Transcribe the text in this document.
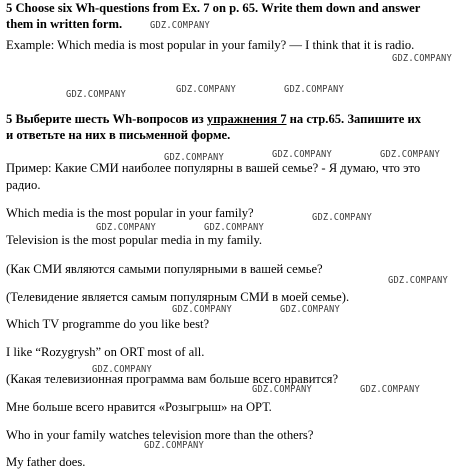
5 Choose six Wh-questions from Ex. 7 on p. 65. Write them down and answer
them in written form.
Example: Which media is most popular in your family? — I think that it is radio.
5 Выберите шесть Wh-вопросов из упражнения 7 на стр.65. Запишите их
и ответьте на них в письменной форме.
Пример: Какие СМИ наиболее популярны в вашей семье? - Я думаю, что это
радио.
Which media is the most popular in your family?
Television is the most popular media in my family.
(Как СМИ являются самыми популярными в вашей семье?
(Телевидение является самым популярным СМИ в моей семье).
Which TV programme do you like best?
I like “Rozygrysh” on ORT most of all.
(Какая телевизионная программа вам больше всего нравится?
Мне больше всего нравится «Розыгрыш» на ОРТ.
Who in your family watches television more than the others?
My father does.
GDZ.COMPANY
GDZ.COMPANY
GDZ.COMPANY	GDZ.COMPANY	GDZ.COMPANY
GDZ.COMPANY	GDZ.COMPANY	GDZ.COMPANY
GDZ.COMPANY
GDZ.COMPANY	GDZ.COMPANY
GDZ.COMPANY
GDZ.COMPANY	GDZ.COMPANY
GDZ.COMPANY
GDZ.COMPANY	GDZ.COMPANY
GDZ.COMPANY
